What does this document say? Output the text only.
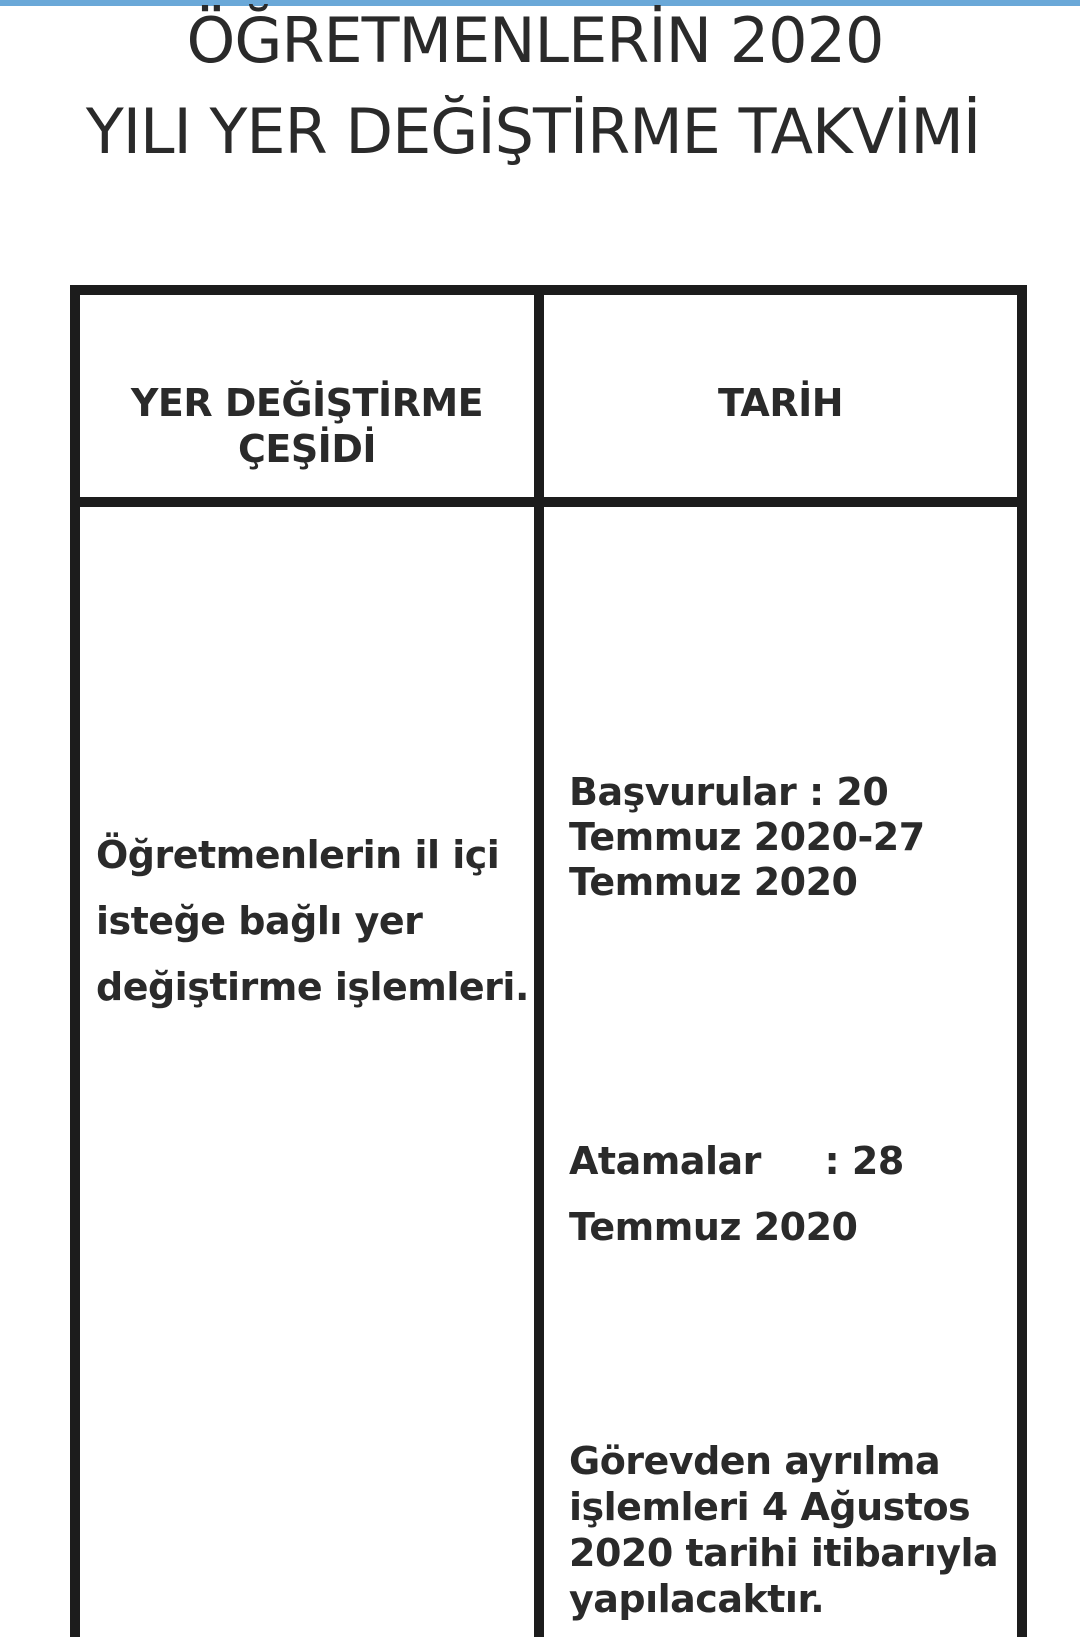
ÖĞRETMENLERİN 2020
YILI YER DEĞİŞTİRME TAKVİMİ
YER DEĞİŞTİRME
ÇEŞİDİ
TARİH
Öğretmenlerin il içi
isteğe bağlı yer
değiştirme işlemleri.
Başvurular : 20
Temmuz 2020-27
Temmuz 2020
Atamalar     : 28
Temmuz 2020
Görevden ayrılma
işlemleri 4 Ağustos
2020 tarihi itibarıyla
yapılacaktır.
